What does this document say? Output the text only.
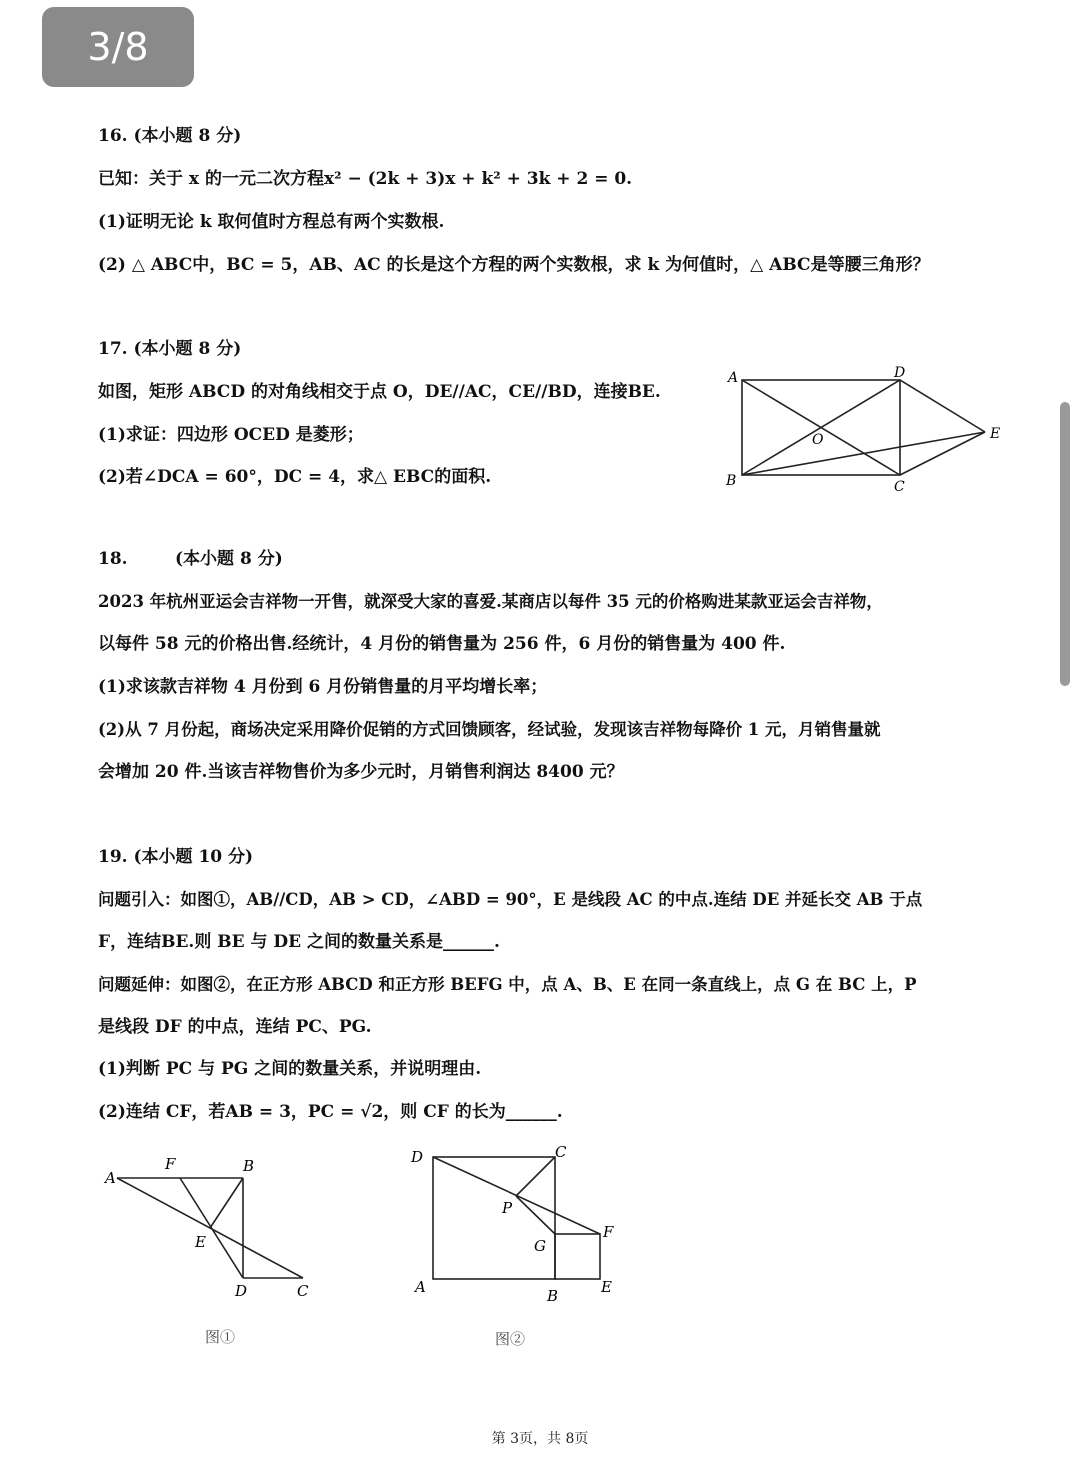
3/8
16. (本小题 8 分)
已知：关于 x 的一元二次方程x² − (2k + 3)x + k² + 3k + 2 = 0.
(1)证明无论 k 取何值时方程总有两个实数根.
(2) △ ABC中，BC = 5，AB、AC 的长是这个方程的两个实数根，求 k 为何值时，△ ABC是等腰三角形？
17. (本小题 8 分)
如图，矩形 ABCD 的对角线相交于点 O，DE//AC，CE//BD，连接BE.
(1)求证：四边形 OCED 是菱形；
(2)若∠DCA = 60°，DC = 4，求△ EBC的面积.
A
B	C
D
O	E
18.	(本小题 8 分)
2023 年杭州亚运会吉祥物一开售，就深受大家的喜爱.某商店以每件 35 元的价格购进某款亚运会吉祥物，
以每件 58 元的价格出售.经统计，4 月份的销售量为 256 件，6 月份的销售量为 400 件.
(1)求该款吉祥物 4 月份到 6 月份销售量的月平均增长率；
(2)从 7 月份起，商场决定采用降价促销的方式回馈顾客，经试验，发现该吉祥物每降价 1 元，月销售量就
会增加 20 件.当该吉祥物售价为多少元时，月销售利润达 8400 元？
19. (本小题 10 分)
问题引入：如图①，AB//CD，AB > CD，∠ABD = 90°，E 是线段 AC 的中点.连结 DE 并延长交 AB 于点
F，连结BE.则 BE 与 DE 之间的数量关系是______.
问题延伸：如图②，在正方形 ABCD 和正方形 BEFG 中，点 A、B、E 在同一条直线上，点 G 在 BC 上，P
是线段 DF 的中点，连结 PC、PG.
(1)判断 PC 与 PG 之间的数量关系，并说明理由.
(2)连结 CF，若AB = 3，PC = √2，则 CF 的长为______.
A
F	B
E
D	C
图①
D	C
P
F
G
A	B	E
图②
第 3页，共 8页
